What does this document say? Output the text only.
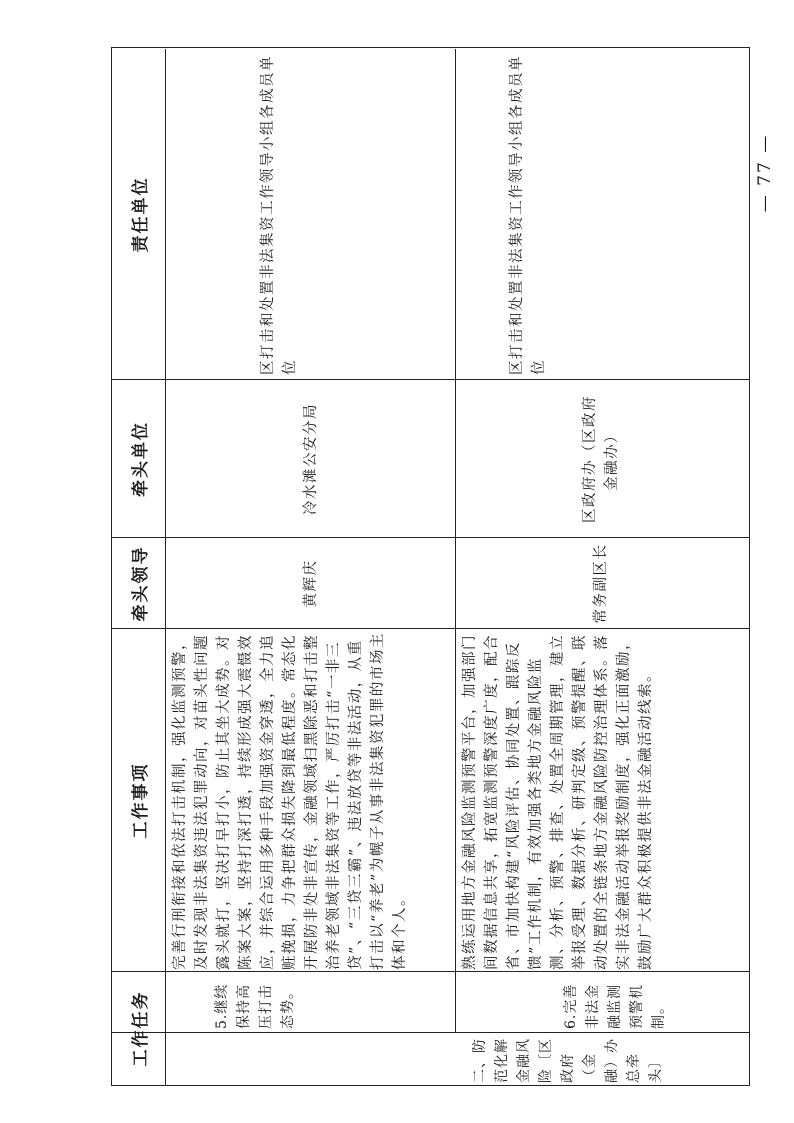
工作任务
工作事项
牵头领导
牵头单位
责任单位
二、防范化解金融风险〔区政府（金融）办总牵头〕
5.继续保持高压打击态势。
完善行刑衔接和依法打击机制，强化监测预警，及时发现非法集资违法犯罪动向，对苗头性问题露头就打，坚决打早打小，防止其坐大成势。对陈案大案，坚持打深打透，持续形成强大震慑效应，并综合运用多种手段加强资金穿透，全力追赃挽损，力争把群众损失降到最低程度。常态化开展防非处非宣传，金融领域扫黑除恶和打击整治养老领域非法集资等工作，严厉打击“一非三贷”、“三贷三霸”、违法放贷等非法活动，从重打击以“养老”为幌子从事非法集资犯罪的市场主体和个人。
黄辉庆
冷水滩公安分局
区打击和处置非法集资工作领导小组各成员单位
6.完善非法金融监测预警机制。
熟练运用地方金融风险监测预警平台，加强部门间数据信息共享，拓宽监测预警深度广度，配合省、市加快构建“风险评估、协同处置、跟踪反馈”工作机制，有效加强各类地方金融风险监测、分析、预警、排查、处置全周期管理，建立举报受理、数据分析、研判定级、预警提醒、联动处置的全链条地方金融风险防控治理体系。落实非法金融活动举报奖励制度，强化正面激励，鼓励广大群众积极提供非法金融活动线索。
常务副区长
区政府办（区政府金融办）
区打击和处置非法集资工作领导小组各成员单位
— 77 —
